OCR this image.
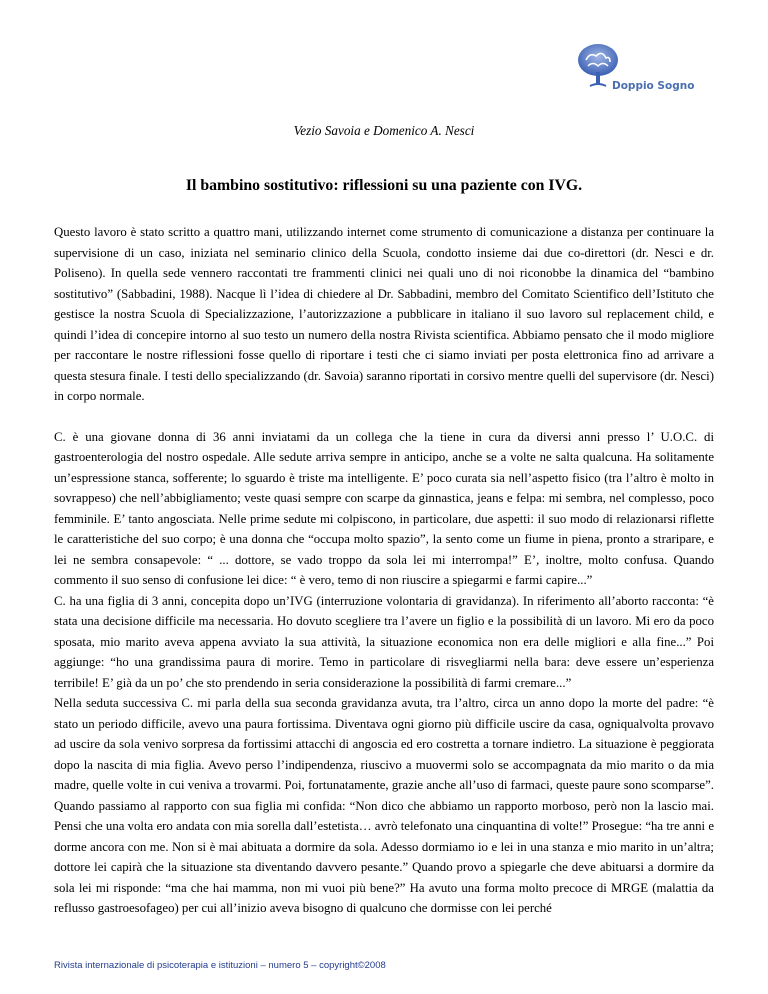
Doppio Sogno
Vezio Savoia e Domenico A. Nesci
Il bambino sostitutivo: riflessioni su una paziente con IVG.

Questo lavoro è stato scritto a quattro mani, utilizzando internet come strumento di comunicazione a distanza per continuare la supervisione di un caso, iniziata nel seminario clinico della Scuola, condotto insieme dai due co-direttori (dr. Nesci e dr. Poliseno). In quella sede vennero raccontati tre frammenti clinici nei quali uno di noi riconobbe la dinamica del “bambino sostitutivo” (Sabbadini, 1988). Nacque lì l’idea di chiedere al Dr. Sabbadini, membro del Comitato Scientifico dell’Istituto che gestisce la nostra Scuola di Specializzazione, l’autorizzazione a pubblicare in italiano il suo lavoro sul replacement child, e quindi l’idea di concepire intorno al suo testo un numero della nostra Rivista scientifica. Abbiamo pensato che il modo migliore per raccontare le nostre riflessioni fosse quello di riportare i testi che ci siamo inviati per posta elettronica fino ad arrivare a questa stesura finale. I testi dello specializzando (dr. Savoia) saranno riportati in corsivo mentre quelli del supervisore (dr. Nesci) in corpo normale.

C. è una giovane donna di 36 anni inviatami da un collega che la tiene in cura da diversi anni presso l’ U.O.C. di gastroenterologia del nostro ospedale. Alle sedute arriva sempre in anticipo, anche se a volte ne salta qualcuna. Ha solitamente un’espressione stanca, sofferente; lo sguardo è triste ma intelligente. E’ poco curata sia nell’aspetto fisico (tra l’altro è molto in sovrappeso) che nell’abbigliamento; veste quasi sempre con scarpe da ginnastica, jeans e felpa: mi sembra, nel complesso, poco femminile. E’ tanto angosciata. Nelle prime sedute mi colpiscono, in particolare, due aspetti: il suo modo di relazionarsi riflette le caratteristiche del suo corpo; è una donna che “occupa molto spazio”, la sento come un fiume in piena, pronto a straripare, e lei ne sembra consapevole: “ ... dottore, se vado troppo da sola lei mi interrompa!” E’, inoltre, molto confusa. Quando commento il suo senso di confusione lei dice: “ è vero, temo di non riuscire a spiegarmi e farmi capire...”

C. ha una figlia di 3 anni, concepita dopo un’IVG (interruzione volontaria di gravidanza). In riferimento all’aborto racconta: “è stata una decisione difficile ma necessaria. Ho dovuto scegliere tra l’avere un figlio e la possibilità di un lavoro. Mi ero da poco sposata, mio marito aveva appena avviato la sua attività, la situazione economica non era delle migliori e alla fine...” Poi aggiunge: “ho una grandissima paura di morire. Temo in particolare di risvegliarmi nella bara: deve essere un’esperienza terribile! E’ già da un po’ che sto prendendo in seria considerazione la possibilità di farmi cremare...”

Nella seduta successiva C. mi parla della sua seconda gravidanza avuta, tra l’altro, circa un anno dopo la morte del padre: “è stato un periodo difficile, avevo una paura fortissima. Diventava ogni giorno più difficile uscire da casa, ogniqualvolta provavo ad uscire da sola venivo sorpresa da fortissimi attacchi di angoscia ed ero costretta a tornare indietro. La situazione è peggiorata dopo la nascita di mia figlia. Avevo perso l’indipendenza, riuscivo a muovermi solo se accompagnata da mio marito o da mia madre, quelle volte in cui veniva a trovarmi. Poi, fortunatamente, grazie anche all’uso di farmaci, queste paure sono scomparse”. Quando passiamo al rapporto con sua figlia mi confida: “Non dico che abbiamo un rapporto morboso, però non la lascio mai. Pensi che una volta ero andata con mia sorella dall’estetista… avrò telefonato una cinquantina di volte!” Prosegue: “ha tre anni e dorme ancora con me. Non si è mai abituata a dormire da sola. Adesso dormiamo io e lei in una stanza e mio marito in un’altra; dottore lei capirà che la situazione sta diventando davvero pesante.” Quando provo a spiegarle che deve abituarsi a dormire da sola lei mi risponde: “ma che hai mamma, non mi vuoi più bene?” Ha avuto una forma molto precoce di MRGE (malattia da reflusso gastroesofageo) per cui all’inizio aveva bisogno di qualcuno che dormisse con lei perché

Rivista internazionale di psicoterapia e istituzioni – numero 5 – copyright©2008
